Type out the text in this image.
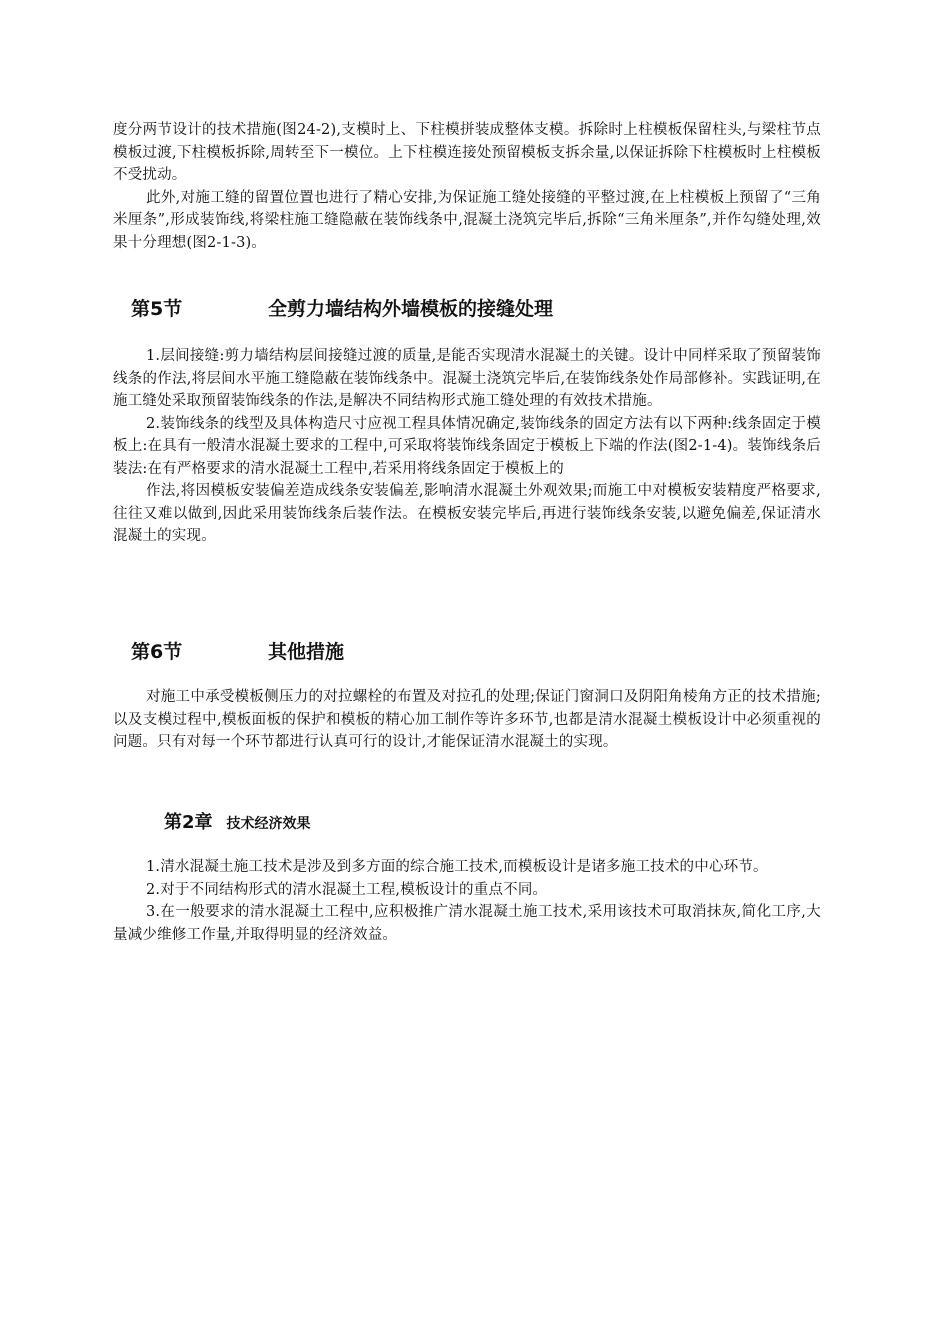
度分两节设计的技术措施(图24-2),支模时上、下柱模拼装成整体支模。拆除时上柱模板保留柱头,与梁柱节点模板过渡,下柱模板拆除,周转至下一模位。上下柱模连接处预留模板支拆余量,以保证拆除下柱模板时上柱模板不受扰动。

此外,对施工缝的留置位置也进行了精心安排,为保证施工缝处接缝的平整过渡,在上柱模板上预留了“三角米厘条”,形成装饰线,将梁柱施工缝隐蔽在装饰线条中,混凝土浇筑完毕后,拆除“三角米厘条”,并作勾缝处理,效果十分理想(图2-1-3)。

第5节	全剪力墙结构外墙模板的接缝处理

1.层间接缝:剪力墙结构层间接缝过渡的质量,是能否实现清水混凝土的关键。设计中同样采取了预留装饰线条的作法,将层间水平施工缝隐蔽在装饰线条中。混凝土浇筑完毕后,在装饰线条处作局部修补。实践证明,在施工缝处采取预留装饰线条的作法,是解决不同结构形式施工缝处理的有效技术措施。

2.装饰线条的线型及具体构造尺寸应视工程具体情况确定,装饰线条的固定方法有以下两种:线条固定于模板上:在具有一般清水混凝土要求的工程中,可采取将装饰线条固定于模板上下端的作法(图2-1-4)。装饰线条后装法:在有严格要求的清水混凝土工程中,若采用将线条固定于模板上的

作法,将因模板安装偏差造成线条安装偏差,影响清水混凝土外观效果;而施工中对模板安装精度严格要求,往往又难以做到,因此采用装饰线条后装作法。在模板安装完毕后,再进行装饰线条安装,以避免偏差,保证清水混凝土的实现。

第6节	其他措施

对施工中承受模板侧压力的对拉螺栓的布置及对拉孔的处理;保证门窗洞口及阴阳角棱角方正的技术措施;以及支模过程中,模板面板的保护和模板的精心加工制作等许多环节,也都是清水混凝土模板设计中必须重视的问题。只有对每一个环节都进行认真可行的设计,才能保证清水混凝土的实现。

第2章 技术经济效果

1.清水混凝土施工技术是涉及到多方面的综合施工技术,而模板设计是诸多施工技术的中心环节。

2.对于不同结构形式的清水混凝土工程,模板设计的重点不同。

3.在一般要求的清水混凝土工程中,应积极推广清水混凝土施工技术,采用该技术可取消抹灰,简化工序,大量减少维修工作量,并取得明显的经济效益。
